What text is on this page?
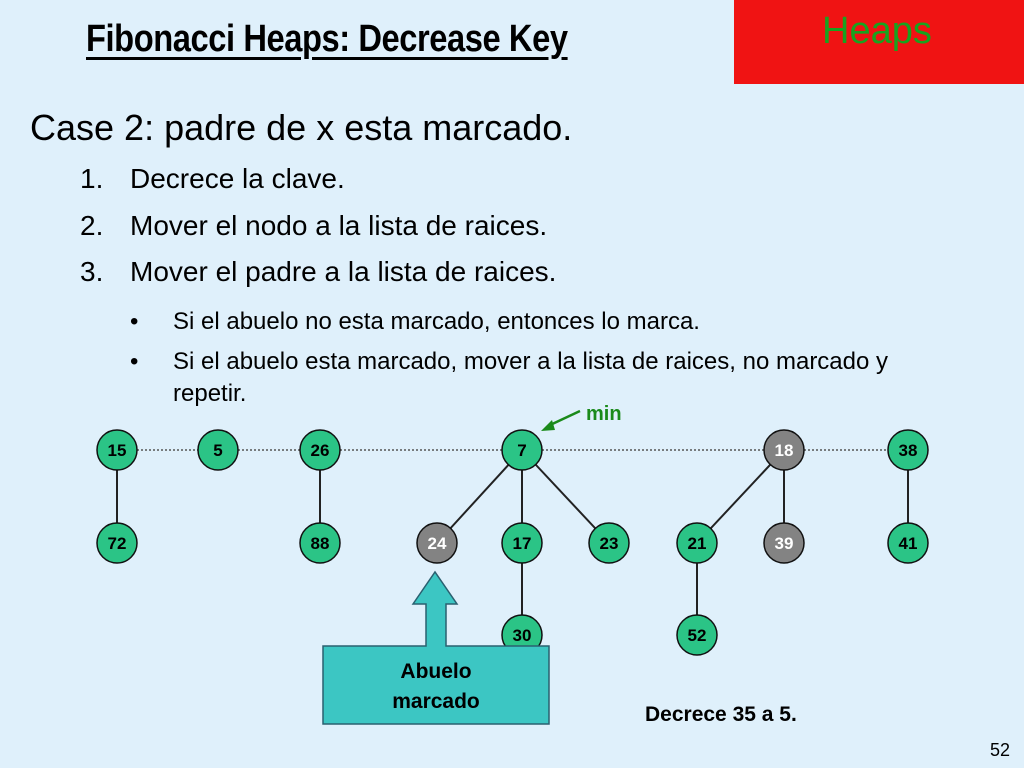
Fibonacci Heaps: Decrease Key	Heaps
Case 2: padre de x esta marcado.
1. Decrece la clave.
2. Mover el nodo a la lista de raices.
3. Mover el padre a la lista de raices.
• Si el abuelo no esta marcado, entonces lo marca.
• Si el abuelo esta marcado, mover a la lista de raices, no marcado y repetir.
min
15	5	26	7	18	38
72	88	24	17	23	21	39	41
30	52
Abuelo
marcado
Decrece 35 a 5.
52
